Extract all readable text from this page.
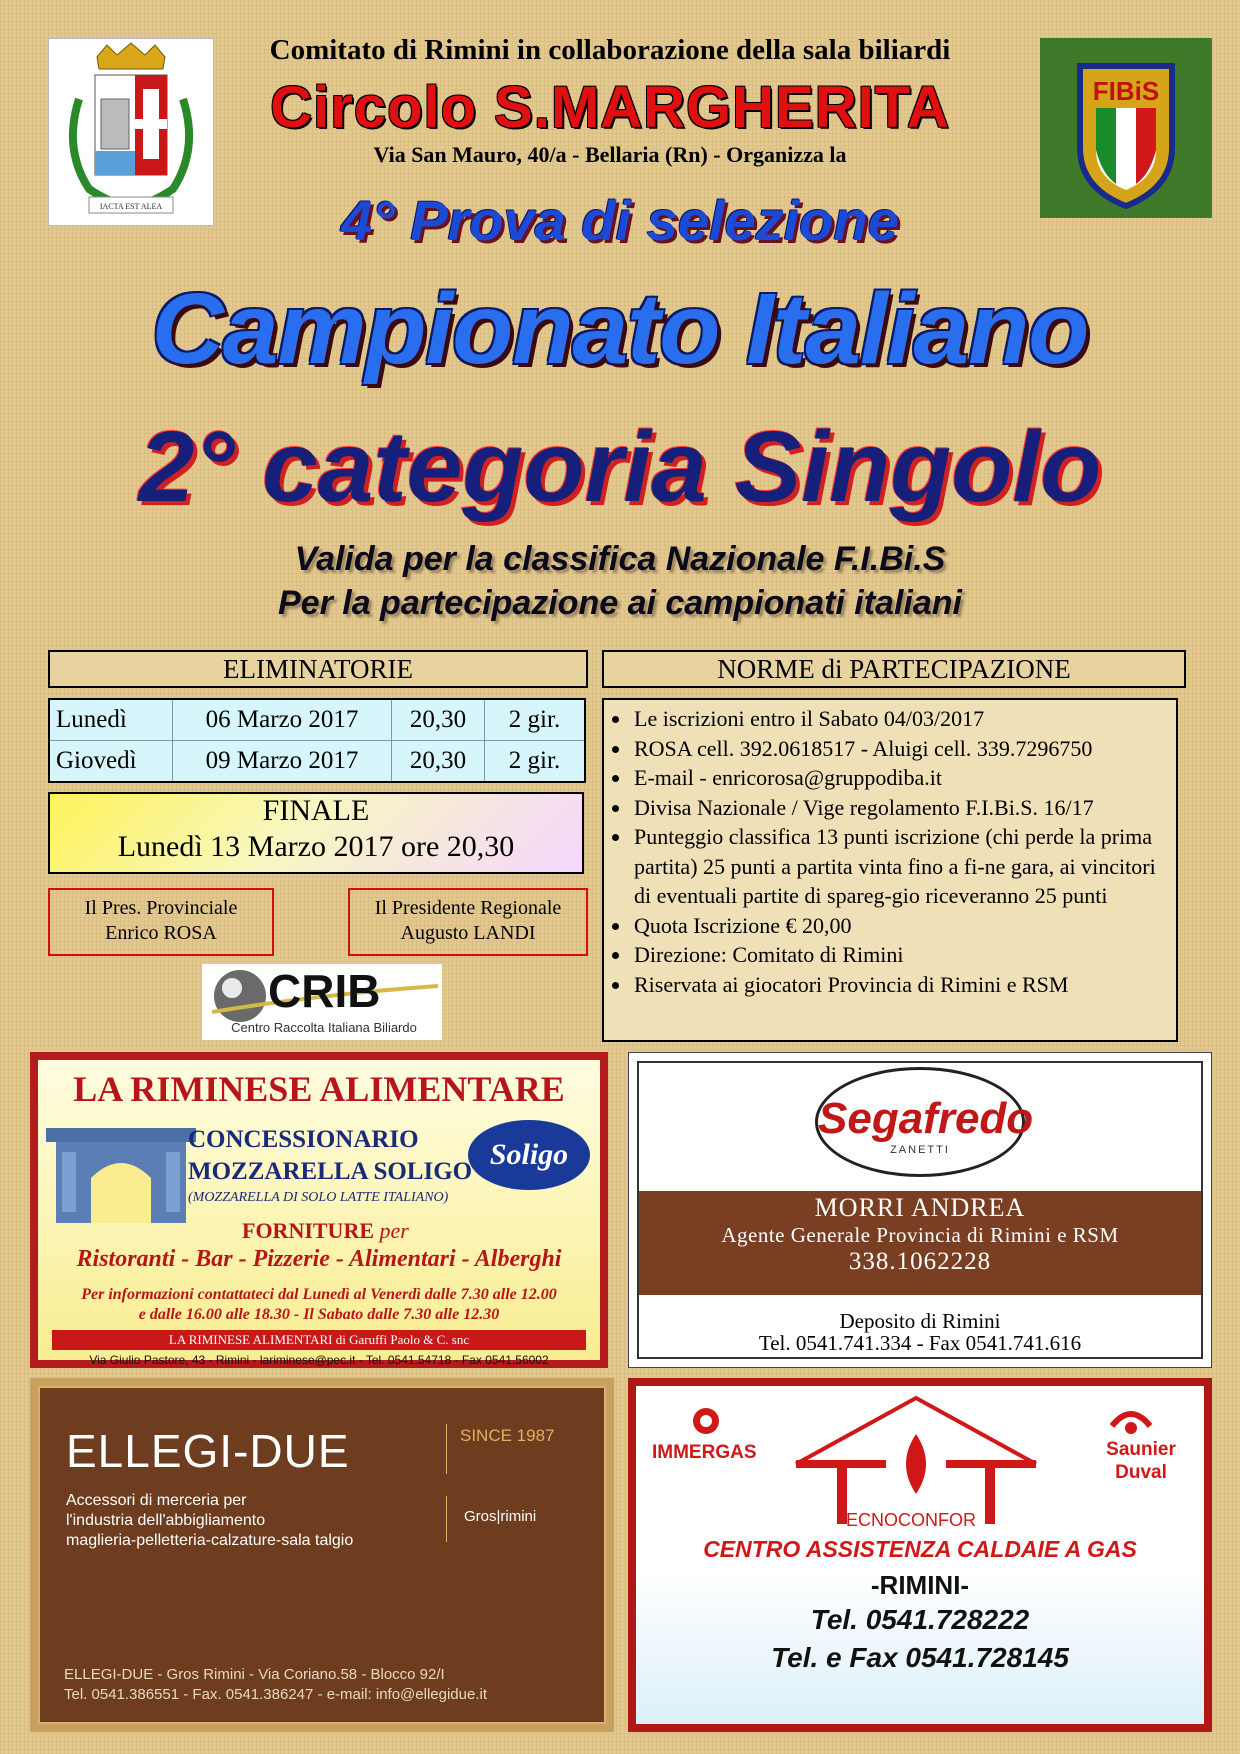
IACTA EST ALEA
FIBiS
Comitato di Rimini in collaborazione della sala biliardi
Circolo S.MARGHERITA
Via San Mauro, 40/a - Bellaria (Rn) - Organizza la
4° Prova di selezione
Campionato Italiano
2° categoria Singolo
Valida per la classifica Nazionale F.I.Bi.S
Per la partecipazione ai campionati italiani
ELIMINATORIE
Lunedì	06 Marzo 2017	20,30	2 gir.
Giovedì	09 Marzo 2017	20,30	2 gir.
FINALE
Lunedì 13 Marzo 2017 ore 20,30
Il Pres. Provinciale
Enrico ROSA
Il Presidente Regionale
Augusto LANDI
CRIB
Centro Raccolta Italiana Biliardo
NORME di PARTECIPAZIONE
• Le iscrizioni entro il Sabato 04/03/2017
• ROSA cell. 392.0618517 - Aluigi cell. 339.7296750
• E-mail - enricorosa@gruppodiba.it
• Divisa Nazionale / Vige regolamento F.I.Bi.S. 16/17
• Punteggio classifica 13 punti iscrizione (chi perde la prima partita) 25 punti a partita vinta fino a fi-ne gara, ai vincitori di eventuali partite di spareg-gio riceveranno 25 punti
• Quota Iscrizione € 20,00
• Direzione: Comitato di Rimini
• Riservata ai giocatori Provincia di Rimini e RSM
LA RIMINESE ALIMENTARE
CONCESSIONARIO
MOZZARELLA SOLIGO
(MOZZARELLA DI SOLO LATTE ITALIANO)
Soligo
FORNITURE per
Ristoranti - Bar - Pizzerie - Alimentari - Alberghi
Per informazioni contattateci dal Lunedì al Venerdì dalle 7.30 alle 12.00
e dalle 16.00 alle 18.30 - Il Sabato dalle 7.30 alle 12.30
LA RIMINESE ALIMENTARI di Garuffi Paolo & C. snc
Via Giulio Pastore, 43 - Rimini - lariminese@pec.it - Tel. 0541.54718 - Fax 0541.56002
Segafredo
ZANETTI
MORRI ANDREA
Agente Generale Provincia di Rimini e RSM
338.1062228
Deposito di Rimini
Tel. 0541.741.334 - Fax 0541.741.616
ELLEGI-DUE	SINCE 1987
Accessori di merceria per
l'industria dell'abbigliamento
maglieria-pelletteria-calzature-sala talgio
Gros|rimini
ELLEGI-DUE - Gros Rimini - Via Coriano.58 - Blocco 92/I
Tel. 0541.386551 - Fax. 0541.386247 - e-mail: info@ellegidue.it
IMMERGAS	Saunier
Duval
ECNOCONFOR
CENTRO ASSISTENZA CALDAIE A GAS
-RIMINI-
Tel. 0541.728222
Tel. e Fax 0541.728145
